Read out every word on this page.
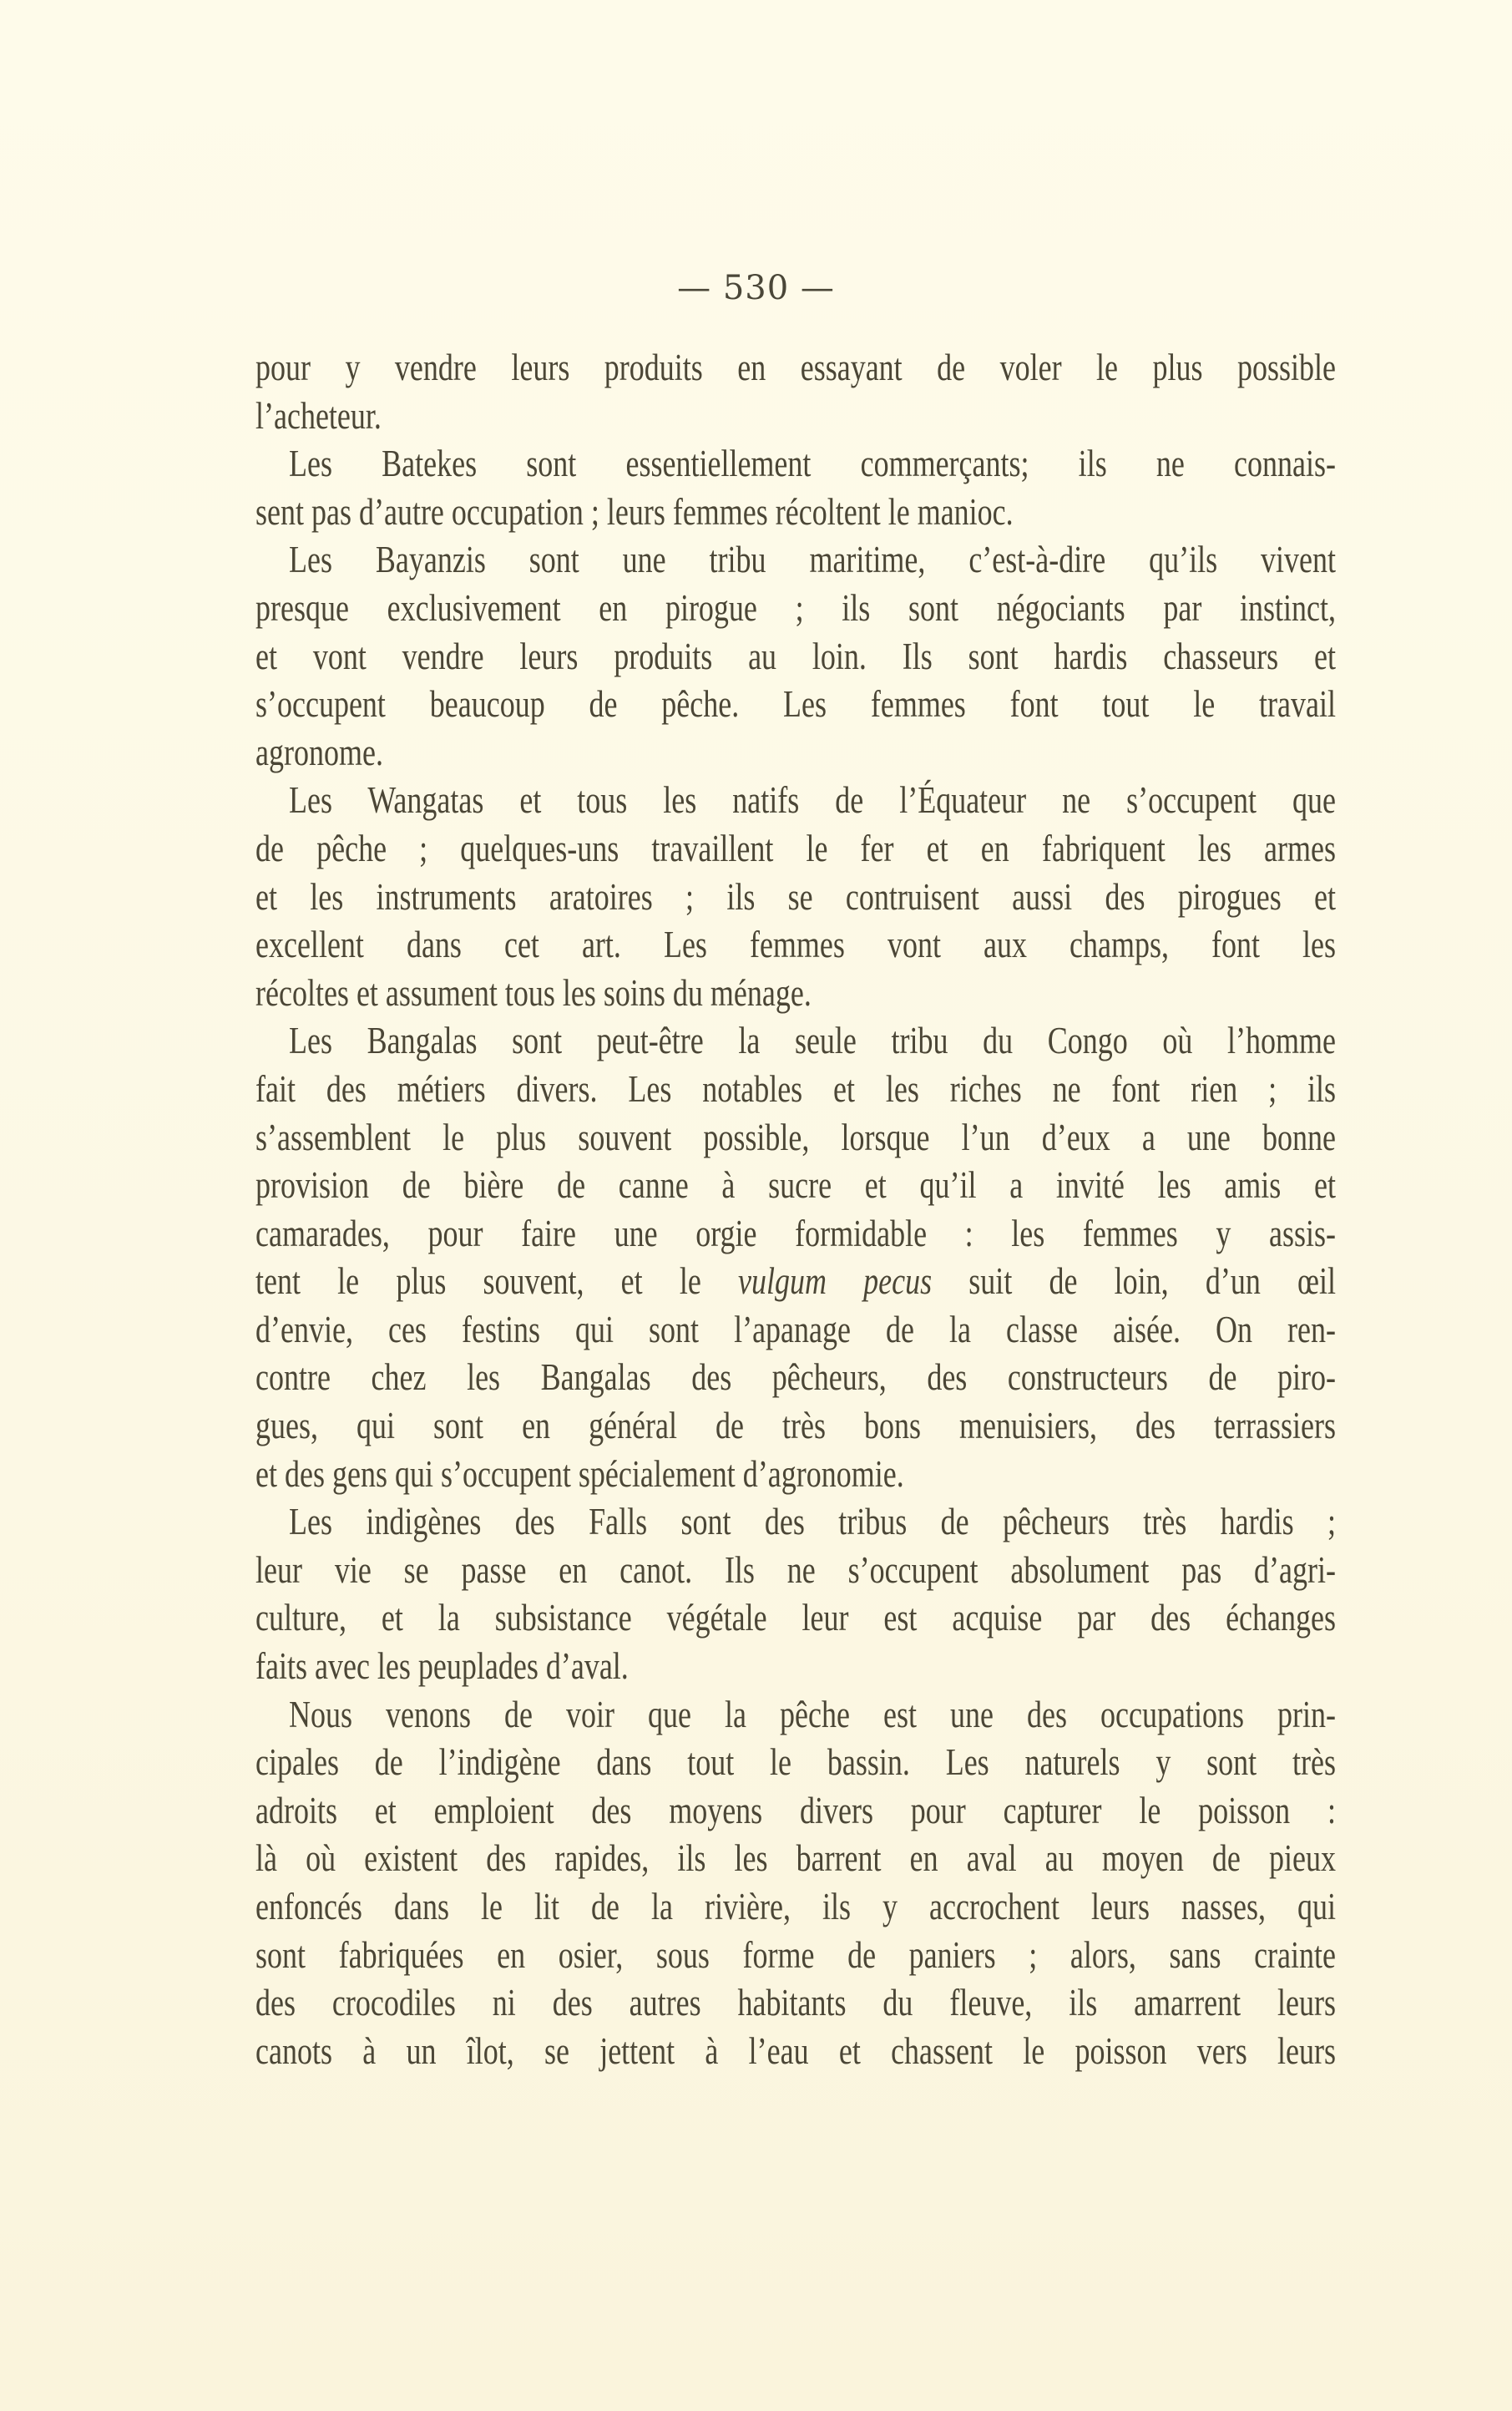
— 530 —
pour y vendre leurs produits en essayant de voler le plus possible
l’acheteur.
Les Batekes sont essentiellement commerçants; ils ne connais-
sent pas d’autre occupation ; leurs femmes récoltent le manioc.
Les Bayanzis sont une tribu maritime, c’est-à-dire qu’ils vivent
presque exclusivement en pirogue ; ils sont négociants par instinct,
et vont vendre leurs produits au loin. Ils sont hardis chasseurs et
s’occupent beaucoup de pêche. Les femmes font tout le travail
agronome.
Les Wangatas et tous les natifs de l’Équateur ne s’occupent que
de pêche ; quelques-uns travaillent le fer et en fabriquent les armes
et les instruments aratoires ; ils se contruisent aussi des pirogues et
excellent dans cet art. Les femmes vont aux champs, font les
récoltes et assument tous les soins du ménage.
Les Bangalas sont peut-être la seule tribu du Congo où l’homme
fait des métiers divers. Les notables et les riches ne font rien ; ils
s’assemblent le plus souvent possible, lorsque l’un d’eux a une bonne
provision de bière de canne à sucre et qu’il a invité les amis et
camarades, pour faire une orgie formidable : les femmes y assis-
tent le plus souvent, et le vulgum pecus suit de loin, d’un œil
d’envie, ces festins qui sont l’apanage de la classe aisée. On ren-
contre chez les Bangalas des pêcheurs, des constructeurs de piro-
gues, qui sont en général de très bons menuisiers, des terrassiers
et des gens qui s’occupent spécialement d’agronomie.
Les indigènes des Falls sont des tribus de pêcheurs très hardis ;
leur vie se passe en canot. Ils ne s’occupent absolument pas d’agri-
culture, et la subsistance végétale leur est acquise par des échanges
faits avec les peuplades d’aval.
Nous venons de voir que la pêche est une des occupations prin-
cipales de l’indigène dans tout le bassin. Les naturels y sont très
adroits et emploient des moyens divers pour capturer le poisson :
là où existent des rapides, ils les barrent en aval au moyen de pieux
enfoncés dans le lit de la rivière, ils y accrochent leurs nasses, qui
sont fabriquées en osier, sous forme de paniers ; alors, sans crainte
des crocodiles ni des autres habitants du fleuve, ils amarrent leurs
canots à un îlot, se jettent à l’eau et chassent le poisson vers leurs
